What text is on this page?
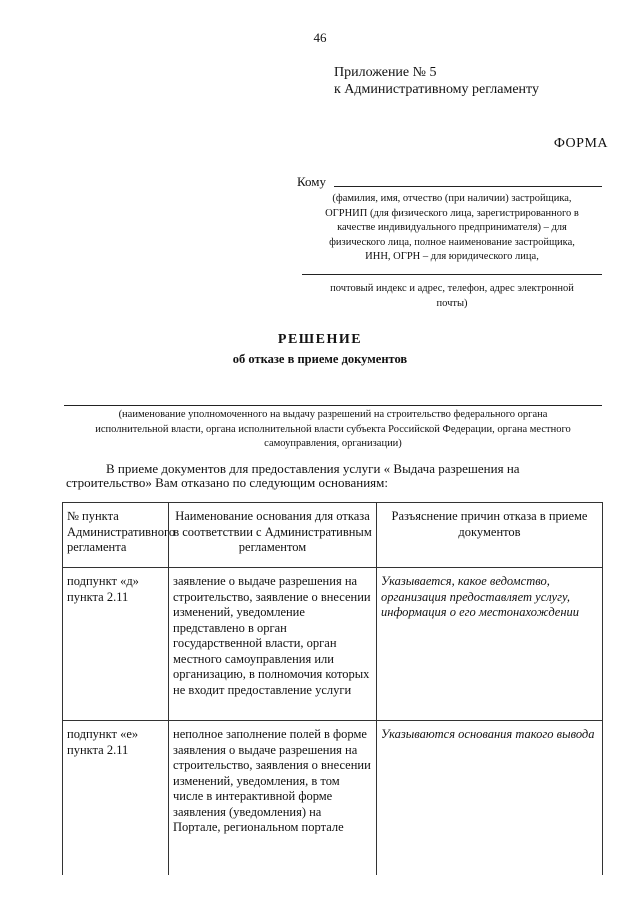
46
Приложение № 5
к Административному регламенту
ФОРМА
Кому
(фамилия, имя, отчество (при наличии) застройщика,
ОГРНИП (для физического лица, зарегистрированного в
качестве индивидуального предпринимателя) – для
физического лица, полное наименование застройщика,
ИНН, ОГРН – для юридического лица,
почтовый индекс и адрес, телефон, адрес электронной
почты)
РЕШЕНИЕ
об отказе в приеме документов
(наименование уполномоченного на выдачу разрешений на строительство федерального органа
исполнительной власти, органа исполнительной власти субъекта Российской Федерации, органа местного
самоуправления, организации)
В приеме документов для предоставления услуги « Выдача разрешения на
строительство» Вам отказано по следующим основаниям:
№ пункта Административного регламента	Наименование основания для отказа в соответствии с Административным регламентом	Разъяснение причин отказа в приеме документов
подпункт «д» пункта 2.11	заявление о выдаче разрешения на строительство, заявление о внесении изменений, уведомление представлено в орган государственной власти, орган местного самоуправления или организацию, в полномочия которых не входит предоставление услуги	Указывается, какое ведомство, организация предоставляет услугу, информация о его местонахождении
подпункт «е» пункта 2.11	неполное заполнение полей в форме заявления о выдаче разрешения на строительство, заявления о внесении изменений, уведомления, в том числе в интерактивной форме заявления (уведомления) на Портале, региональном портале	Указываются основания такого вывода
